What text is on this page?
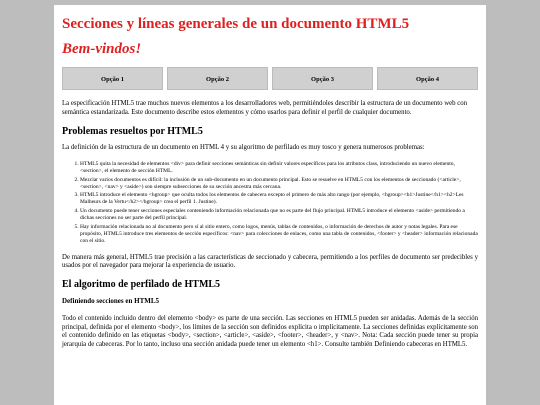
Secciones y líneas generales de un documento HTML5
Bem-vindos!
Opção 1	Opção 2	Opção 3	Opção 4

La especificación HTML5 trae muchos nuevos elementos a los desarrolladores web, permitiéndoles describir la estructura de un documento web con semántica estandarizada. Este documento describe estos elementos y cómo usarlos para definir el perfil de cualquier documento.

Problemas resueltos por HTML5

La definición de la estructura de un documento en HTML 4 y su algoritmo de perfilado es muy tosco y genera numerosos problemas:

1. HTML5 quita la necesidad de elementos <div> para definir secciones semánticas sin definir valores específicos para los atributos class, introduciendo un nuevo elemento, <section>, el elemento de sección HTML.
2. Mezclar varios documentos es difícil: la inclusión de un sub-documento en un documento principal. Esto se resuelve en HTML5 con los elementos de seccionado (<article>, <section>, <nav> y <aside>) son siempre subsecciones de su sección ancestra más cercana.
3. HTML5 introduce el elemento <hgroup> que oculta todos los elementos de cabecera excepto el primero de más alto rango (por ejemplo, <hgroup><h1>Justine</h1><h2>Les Malheurs de la Vertu</h2></hgroup> crea el perfil 1. Justine).
4. Un documento puede tener secciones especiales conteniendo información relacionada que no es parte del flujo principal. HTML5 introduce el elemento <aside> permitiendo a dichas secciones no ser parte del perfil principal.
5. Hay información relacionada no al documento pero sí al sitio entero, como logos, menús, tablas de contenidos, o información de derechos de autor y notas legales. Para ese propósito, HTML5 introduce tres elementos de sección específicos: <nav> para colecciones de enlaces, como una tabla de contenidos, <footer> y <header> información relacionada con el sitio.

De manera más general, HTML5 trae precisión a las características de seccionado y cabecera, permitiendo a los perfiles de documento ser predecibles y usados por el navegador para mejorar la experiencia de usuario.

El algoritmo de perfilado de HTML5
Definiendo secciones en HTML5

Todo el contenido incluido dentro del elemento <body> es parte de una sección. Las secciones en HTML5 pueden ser anidadas. Además de la sección principal, definida por el elemento <body>, los límites de la sección son definidos explícita o implícitamente. La secciones definidas explícitamente son el contenido definido en las etiquetas <body>, <section>, <article>, <aside>, <footer>, <header>, y <nav>. Nota: Cada sección puede tener su propia jerarquía de cabeceras. Por lo tanto, incluso una sección anidada puede tener un elemento <h1>. Consulte también Definiendo cabeceras en HTML5.
